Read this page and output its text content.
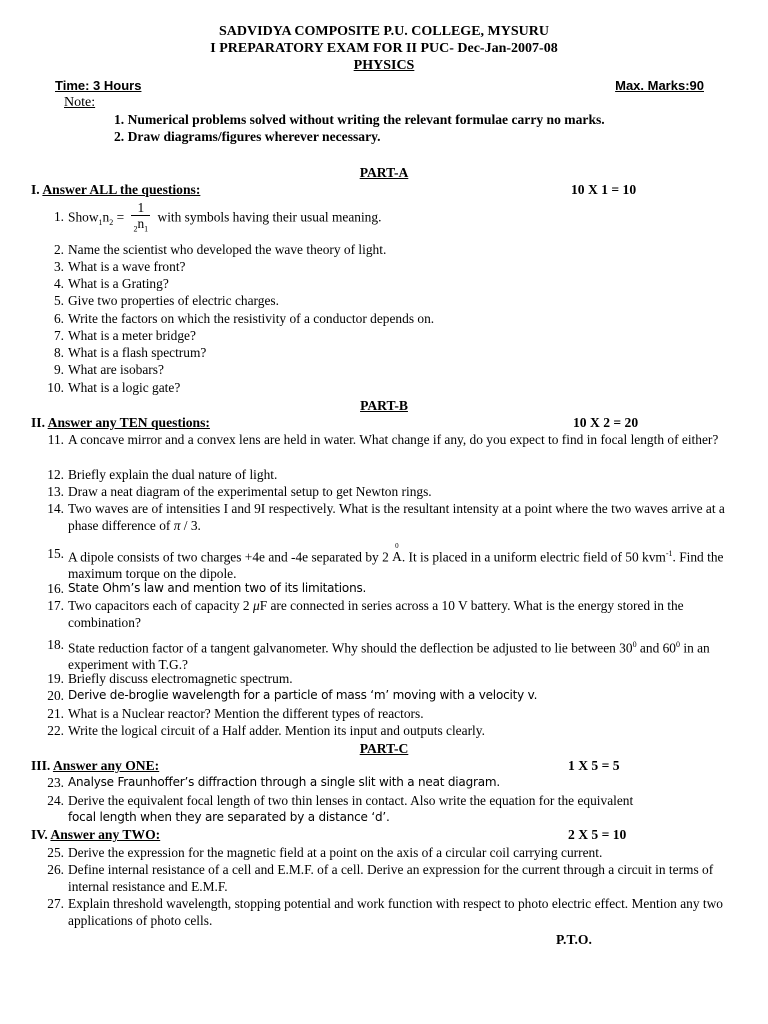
SADVIDYA COMPOSITE P.U. COLLEGE, MYSURU
I PREPARATORY EXAM FOR II PUC- Dec-Jan-2007-08
PHYSICS
Time: 3 Hours	Max. Marks:90
Note:
1. Numerical problems solved without writing the relevant formulae carry no marks.
2. Draw diagrams/figures wherever necessary.
PART-A
I. Answer ALL the questions:	10 X 1 = 10
1. $Show_1n_2 = \frac{1}{_2n_1}$ with symbols having their usual meaning.
2. Name the scientist who developed the wave theory of light.
3. What is a wave front?
4. What is a Grating?
5. Give two properties of electric charges.
6. Write the factors on which the resistivity of a conductor depends on.
7. What is a meter bridge?
8. What is a flash spectrum?
9. What are isobars?
10. What is a logic gate?
PART-B
II. Answer any TEN questions:	10 X 2 = 20
11. A concave mirror and a convex lens are held in water. What change if any, do you expect to find in focal length of either?
12. Briefly explain the dual nature of light.
13. Draw a neat diagram of the experimental setup to get Newton rings.
14. Two waves are of intensities I and 9I respectively. What is the resultant intensity at a point where the two waves arrive at a phase difference of π / 3.
15. A dipole consists of two charges +4e and -4e separated by 2
0
A. It is placed in a uniform electric field of 50 kvm$^{-1}$. Find the maximum torque on the dipole.
16. State Ohm’s law and mention two of its limitations.
17. Two capacitors each of capacity 2 μF are connected in series across a 10 V battery. What is the energy stored in the combination?
18. State reduction factor of a tangent galvanometer. Why should the deflection be adjusted to lie between $30^0$ and $60^0$ in an experiment with T.G.?
19. Briefly discuss electromagnetic spectrum.
20. Derive de-broglie wavelength for a particle of mass ‘m’ moving with a velocity v.
21. What is a Nuclear reactor? Mention the different types of reactors.
22. Write the logical circuit of a Half adder. Mention its input and outputs clearly.
PART-C
III. Answer any ONE:	1 X 5 = 5
23. Analyse Fraunhoffer’s diffraction through a single slit with a neat diagram.
24. Derive the equivalent focal length of two thin lenses in contact. Also write the equation for the equivalent
focal length when they are separated by a distance ‘d’.
IV. Answer any TWO:	2 X 5 = 10
25. Derive the expression for the magnetic field at a point on the axis of a circular coil carrying current.
26. Define internal resistance of a cell and E.M.F. of a cell. Derive an expression for the current through a circuit in terms of internal resistance and E.M.F.
27. Explain threshold wavelength, stopping potential and work function with respect to photo electric effect. Mention any two applications of photo cells.
P.T.O.
